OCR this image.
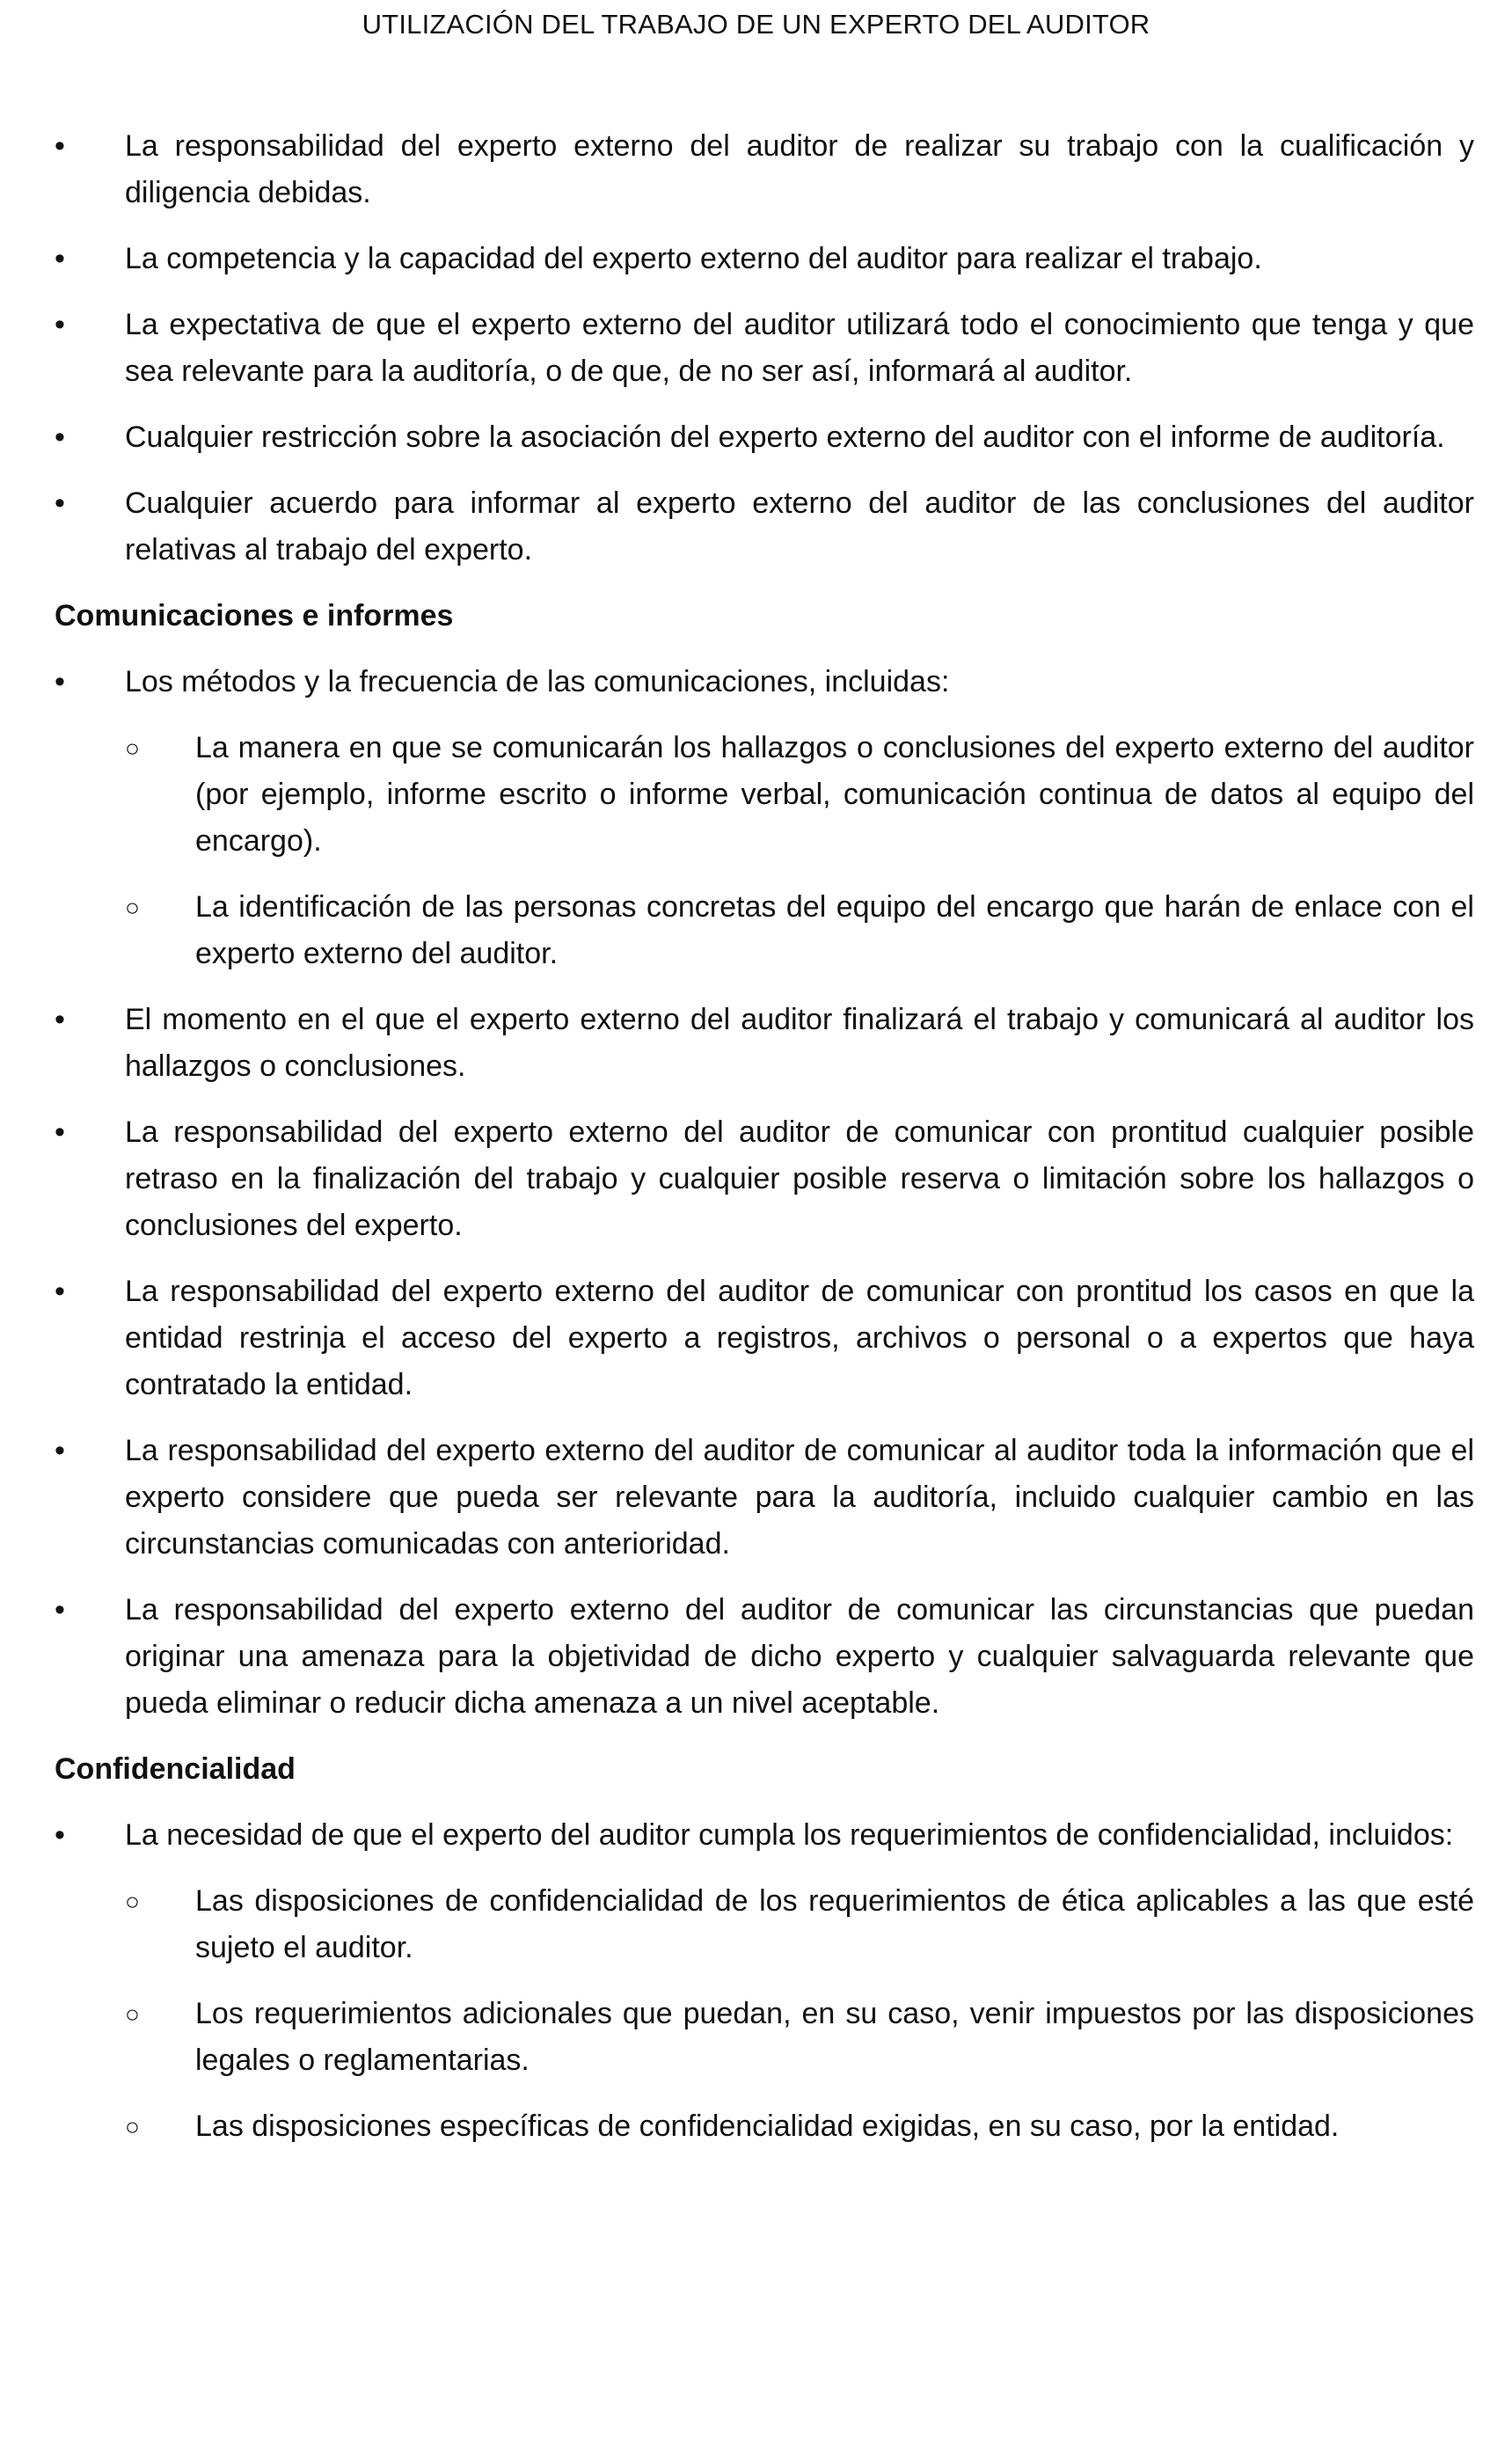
UTILIZACIÓN DEL TRABAJO DE UN EXPERTO DEL AUDITOR
•	La responsabilidad del experto externo del auditor de realizar su trabajo con la cualificación y diligencia debidas.
•	La competencia y la capacidad del experto externo del auditor para realizar el trabajo.
•	La expectativa de que el experto externo del auditor utilizará todo el conocimiento que tenga y que sea relevante para la auditoría, o de que, de no ser así, informará al auditor.
•	Cualquier restricción sobre la asociación del experto externo del auditor con el informe de auditoría.
•	Cualquier acuerdo para informar al experto externo del auditor de las conclusiones del auditor relativas al trabajo del experto.
Comunicaciones e informes
•	Los métodos y la frecuencia de las comunicaciones, incluidas:
○	La manera en que se comunicarán los hallazgos o conclusiones del experto externo del auditor (por ejemplo, informe escrito o informe verbal, comunicación continua de datos al equipo del encargo).
○	La identificación de las personas concretas del equipo del encargo que harán de enlace con el experto externo del auditor.
•	El momento en el que el experto externo del auditor finalizará el trabajo y comunicará al auditor los hallazgos o conclusiones.
•	La responsabilidad del experto externo del auditor de comunicar con prontitud cualquier posible retraso en la finalización del trabajo y cualquier posible reserva o limitación sobre los hallazgos o conclusiones del experto.
•	La responsabilidad del experto externo del auditor de comunicar con prontitud los casos en que la entidad restrinja el acceso del experto a registros, archivos o personal o a expertos que haya contratado la entidad.
•	La responsabilidad del experto externo del auditor de comunicar al auditor toda la información que el experto considere que pueda ser relevante para la auditoría, incluido cualquier cambio en las circunstancias comunicadas con anterioridad.
•	La responsabilidad del experto externo del auditor de comunicar las circunstancias que puedan originar una amenaza para la objetividad de dicho experto y cualquier salvaguarda relevante que pueda eliminar o reducir dicha amenaza a un nivel aceptable.
Confidencialidad
•	La necesidad de que el experto del auditor cumpla los requerimientos de confidencialidad, incluidos:
○	Las disposiciones de confidencialidad de los requerimientos de ética aplicables a las que esté sujeto el auditor.
○	Los requerimientos adicionales que puedan, en su caso, venir impuestos por las disposiciones legales o reglamentarias.
○	Las disposiciones específicas de confidencialidad exigidas, en su caso, por la entidad.
